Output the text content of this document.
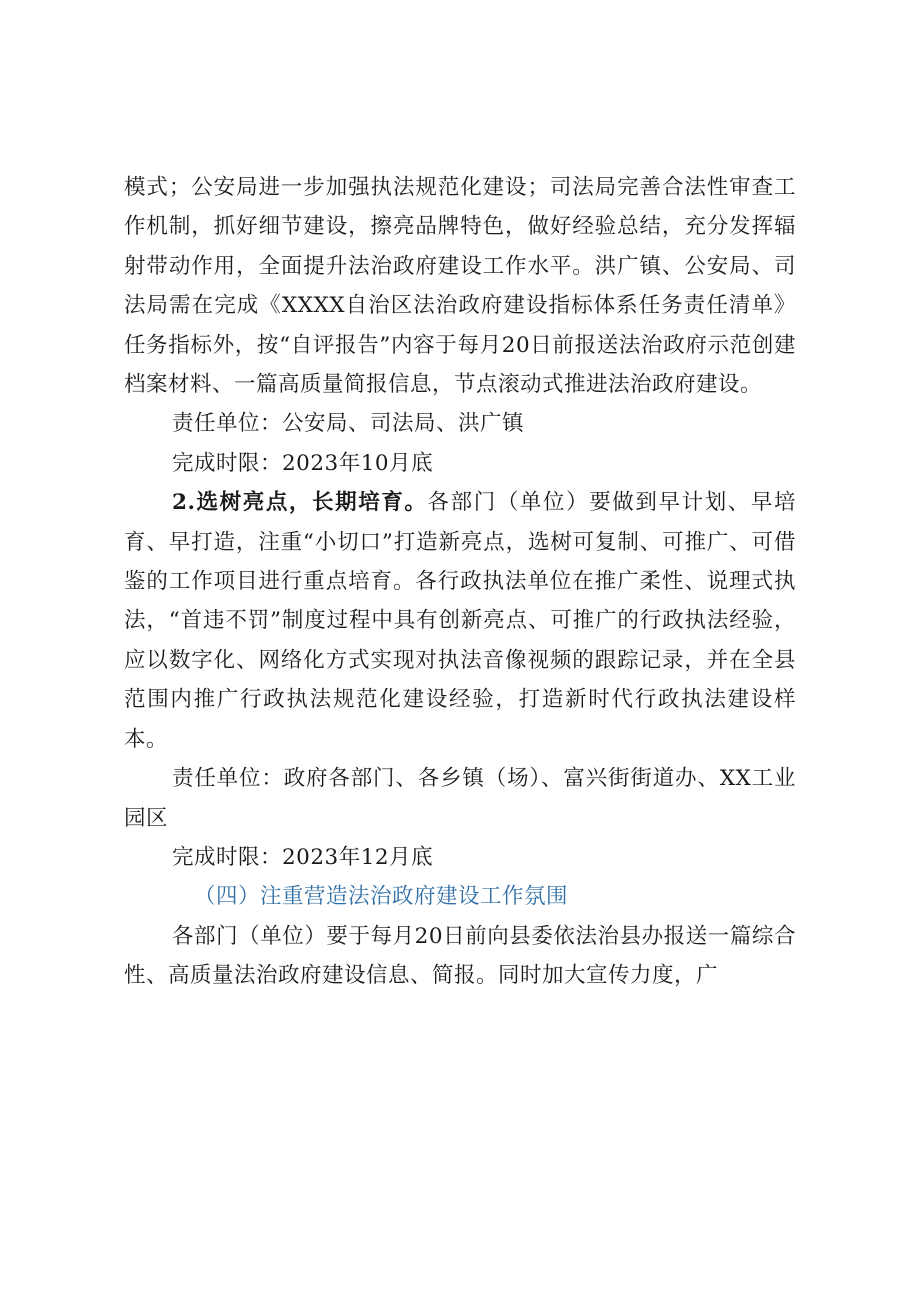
模式；公安局进一步加强执法规范化建设；司法局完善合法性审查工作机制，抓好细节建设，擦亮品牌特色，做好经验总结，充分发挥辐射带动作用，全面提升法治政府建设工作水平。洪广镇、公安局、司法局需在完成《XXXX自治区法治政府建设指标体系任务责任清单》任务指标外，按“自评报告”内容于每月20日前报送法治政府示范创建档案材料、一篇高质量简报信息，节点滚动式推进法治政府建设。

责任单位：公安局、司法局、洪广镇

完成时限：2023年10月底

2.选树亮点，长期培育。各部门（单位）要做到早计划、早培育、早打造，注重“小切口”打造新亮点，选树可复制、可推广、可借鉴的工作项目进行重点培育。各行政执法单位在推广柔性、说理式执法，“首违不罚”制度过程中具有创新亮点、可推广的行政执法经验，应以数字化、网络化方式实现对执法音像视频的跟踪记录，并在全县范围内推广行政执法规范化建设经验，打造新时代行政执法建设样本。

责任单位：政府各部门、各乡镇（场）、富兴街街道办、XX工业园区

完成时限：2023年12月底

（四）注重营造法治政府建设工作氛围

各部门（单位）要于每月20日前向县委依法治县办报送一篇综合性、高质量法治政府建设信息、简报。同时加大宣传力度，广
